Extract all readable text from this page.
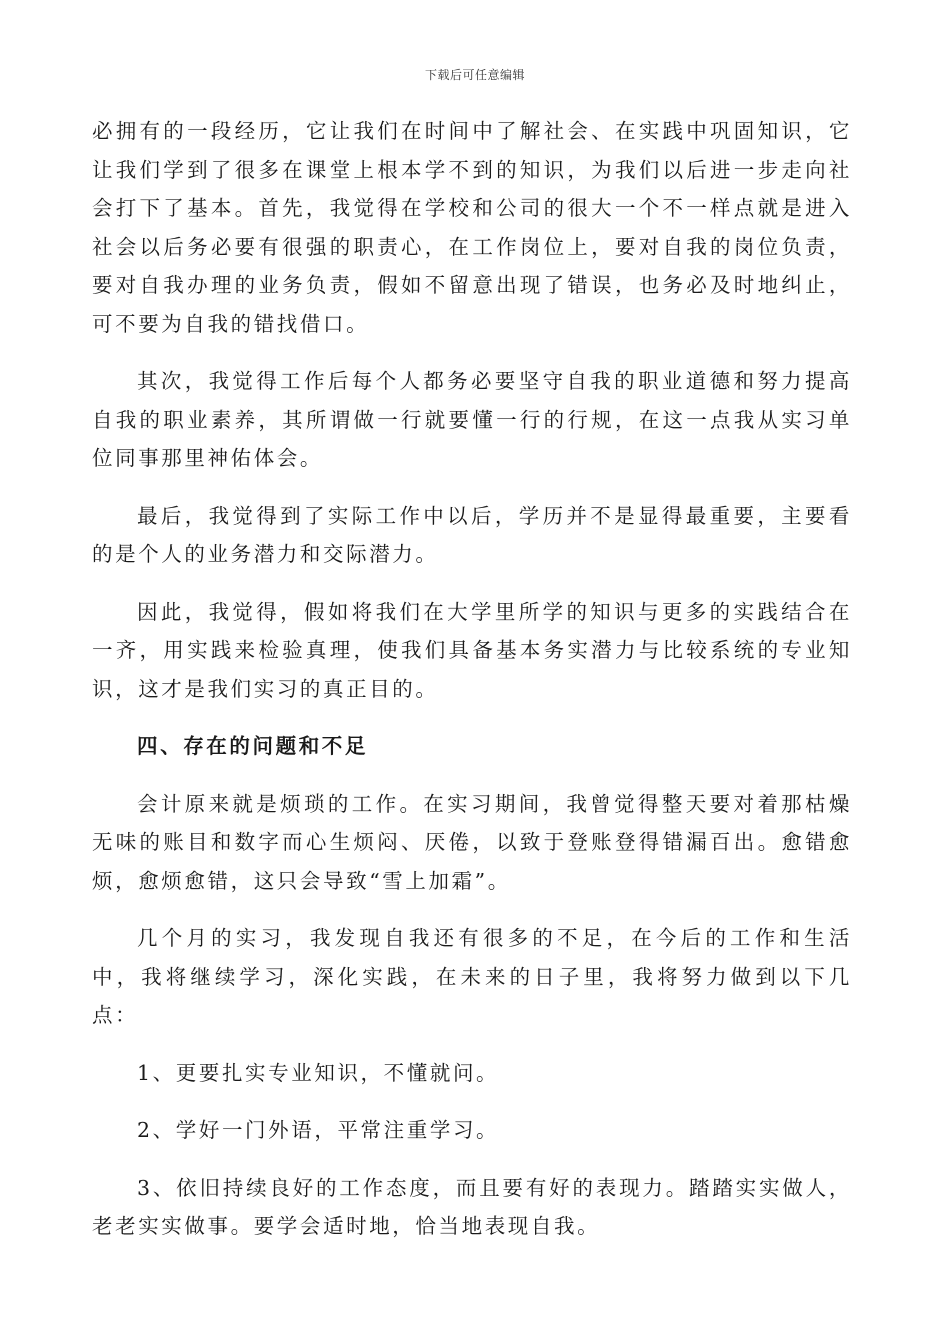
下载后可任意编辑

必拥有的一段经历，它让我们在时间中了解社会、在实践中巩固知识，它让我们学到了很多在课堂上根本学不到的知识，为我们以后进一步走向社会打下了基本。首先，我觉得在学校和公司的很大一个不一样点就是进入社会以后务必要有很强的职责心，在工作岗位上，要对自我的岗位负责，要对自我办理的业务负责，假如不留意出现了错误，也务必及时地纠止，可不要为自我的错找借口。

其次，我觉得工作后每个人都务必要坚守自我的职业道德和努力提高自我的职业素养，其所谓做一行就要懂一行的行规，在这一点我从实习单位同事那里神佑体会。

最后，我觉得到了实际工作中以后，学历并不是显得最重要，主要看的是个人的业务潜力和交际潜力。

因此，我觉得，假如将我们在大学里所学的知识与更多的实践结合在一齐，用实践来检验真理，使我们具备基本务实潜力与比较系统的专业知识，这才是我们实习的真正目的。

四、存在的问题和不足

会计原来就是烦琐的工作。在实习期间，我曾觉得整天要对着那枯燥无味的账目和数字而心生烦闷、厌倦，以致于登账登得错漏百出。愈错愈烦，愈烦愈错，这只会导致“雪上加霜”。

几个月的实习，我发现自我还有很多的不足，在今后的工作和生活中，我将继续学习，深化实践，在未来的日子里，我将努力做到以下几点：

1、更要扎实专业知识，不懂就问。

2、学好一门外语，平常注重学习。

3、依旧持续良好的工作态度，而且要有好的表现力。踏踏实实做人，老老实实做事。要学会适时地，恰当地表现自我。
